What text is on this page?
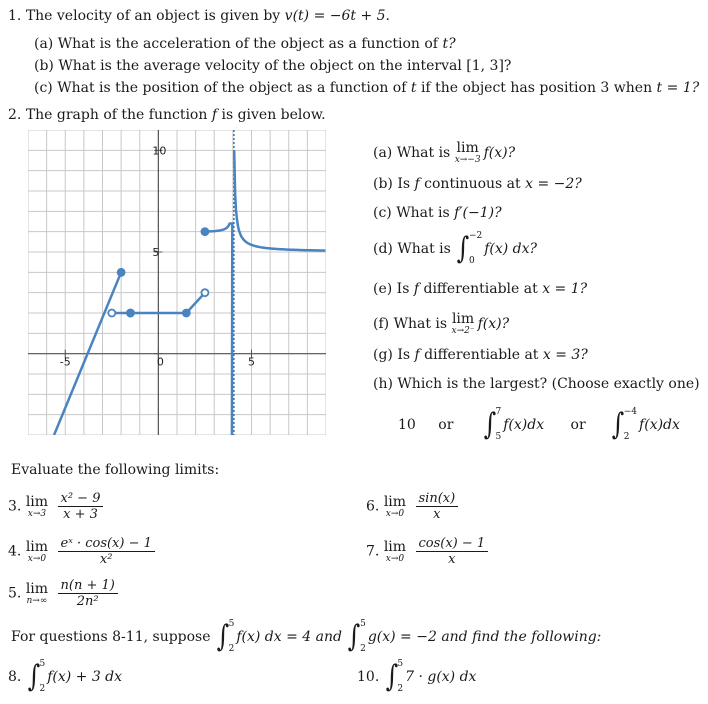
1. The velocity of an object is given by v(t) = −6t + 5.
(a) What is the acceleration of the object as a function of t?
(b) What is the average velocity of the object on the interval [1, 3]?
(c) What is the position of the object as a function of t if the object has position 3 when t = 1?
2. The graph of the function f is given below.
-5	0	5
10
5
(a) What is lim
x→−3 f(x)?
(b) Is f continuous at x = −2?
(c) What is f′(−1)?
(d) What is ∫ −2
0
f(x) dx?
(e) Is f differentiable at x = 1?
(f) What is lim
x→2⁻ f(x)?
(g) Is f differentiable at x = 3?
(h) Which is the largest? (Choose exactly one)
10 or ∫ 7
5
f(x)dx or ∫ −4
2
f(x)dx
Evaluate the following limits:
3. lim
x→3
$\frac{\text{x² − 9}}{x + 3}$
4. lim
x→0
$\frac{\text{eˣ · cos(x) − 1}}{\text{x²}}$
5. lim
n→∞
$\frac{n(n + 1)}{\text{2n²}}$
6. lim
x→0
$\frac{\sin(x)}{x}$
7. lim
x→0
$\frac{\cos(x) - 1}{x}$
For questions 8-11, suppose ∫ 5
2
f(x) dx = 4 and ∫ 5
2
g(x) = −2 and find the following:
8. ∫ 5
2
f(x) + 3 dx	10. ∫ 5
2
7 · g(x) dx
